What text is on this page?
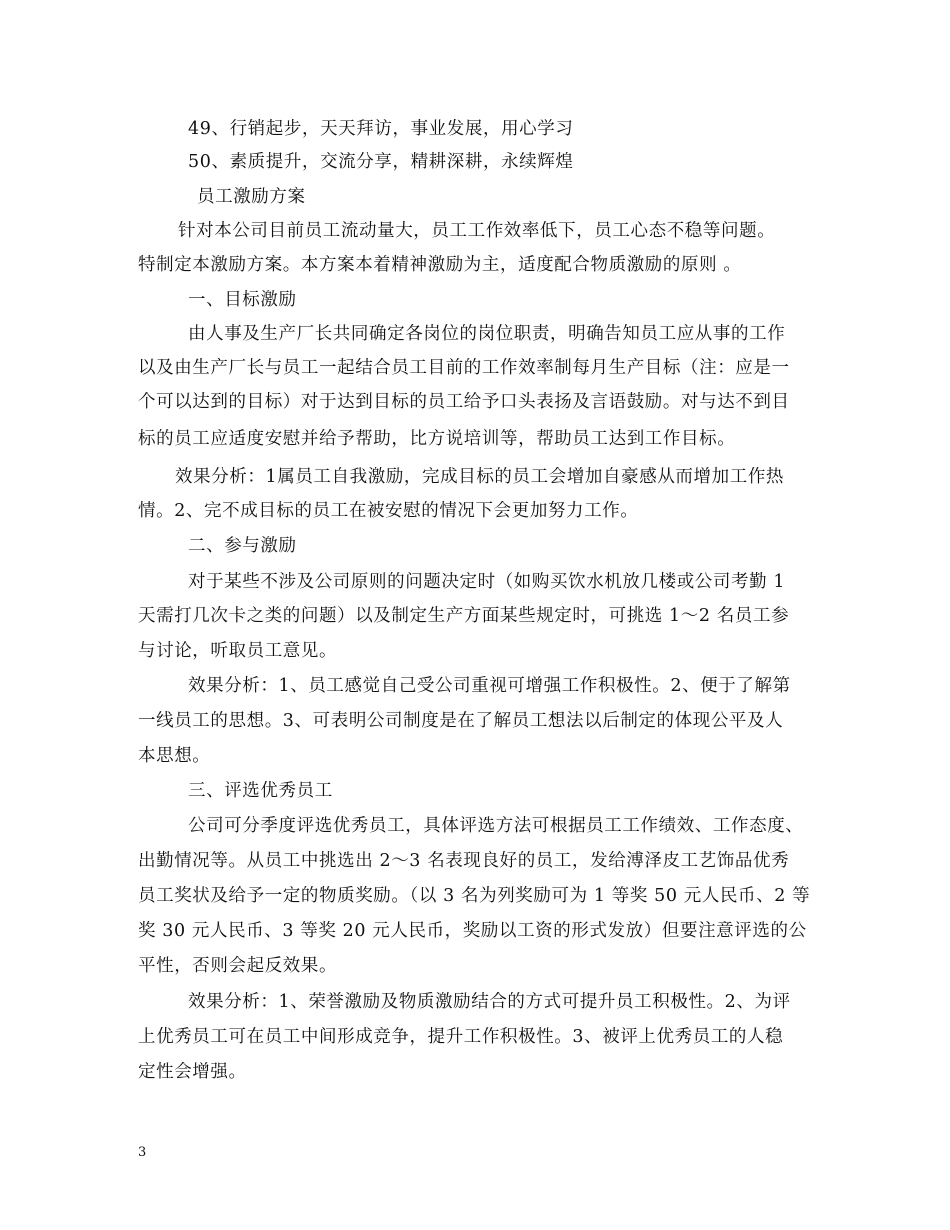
49、行销起步，天天拜访，事业发展，用心学习
50、素质提升，交流分享，精耕深耕，永续辉煌
员工激励方案
针对本公司目前员工流动量大，员工工作效率低下，员工心态不稳等问题。
特制定本激励方案。本方案本着精神激励为主，适度配合物质激励的原则 。
一、目标激励
由人事及生产厂长共同确定各岗位的岗位职责，明确告知员工应从事的工作
以及由生产厂长与员工一起结合员工目前的工作效率制每月生产目标（注：应是一
个可以达到的目标）对于达到目标的员工给予口头表扬及言语鼓励。对与达不到目
标的员工应适度安慰并给予帮助，比方说培训等，帮助员工达到工作目标。
效果分析：1属员工自我激励，完成目标的员工会增加自豪感从而增加工作热
情。2、完不成目标的员工在被安慰的情况下会更加努力工作。
二、参与激励
对于某些不涉及公司原则的问题决定时（如购买饮水机放几楼或公司考勤 1
天需打几次卡之类的问题）以及制定生产方面某些规定时，可挑选 1～2 名员工参
与讨论，听取员工意见。
效果分析：1、员工感觉自己受公司重视可增强工作积极性。2、便于了解第
一线员工的思想。3、可表明公司制度是在了解员工想法以后制定的体现公平及人
本思想。
三、评选优秀员工
公司可分季度评选优秀员工，具体评选方法可根据员工工作绩效、工作态度、
出勤情况等。从员工中挑选出 2～3 名表现良好的员工，发给溥泽皮工艺饰品优秀
员工奖状及给予一定的物质奖励。（以 3 名为列奖励可为 1 等奖 50 元人民币、2 等
奖 30 元人民币、3 等奖 20 元人民币，奖励以工资的形式发放）但要注意评选的公
平性，否则会起反效果。
效果分析：1、荣誉激励及物质激励结合的方式可提升员工积极性。2、为评
上优秀员工可在员工中间形成竞争，提升工作积极性。3、被评上优秀员工的人稳
定性会增强。
3
